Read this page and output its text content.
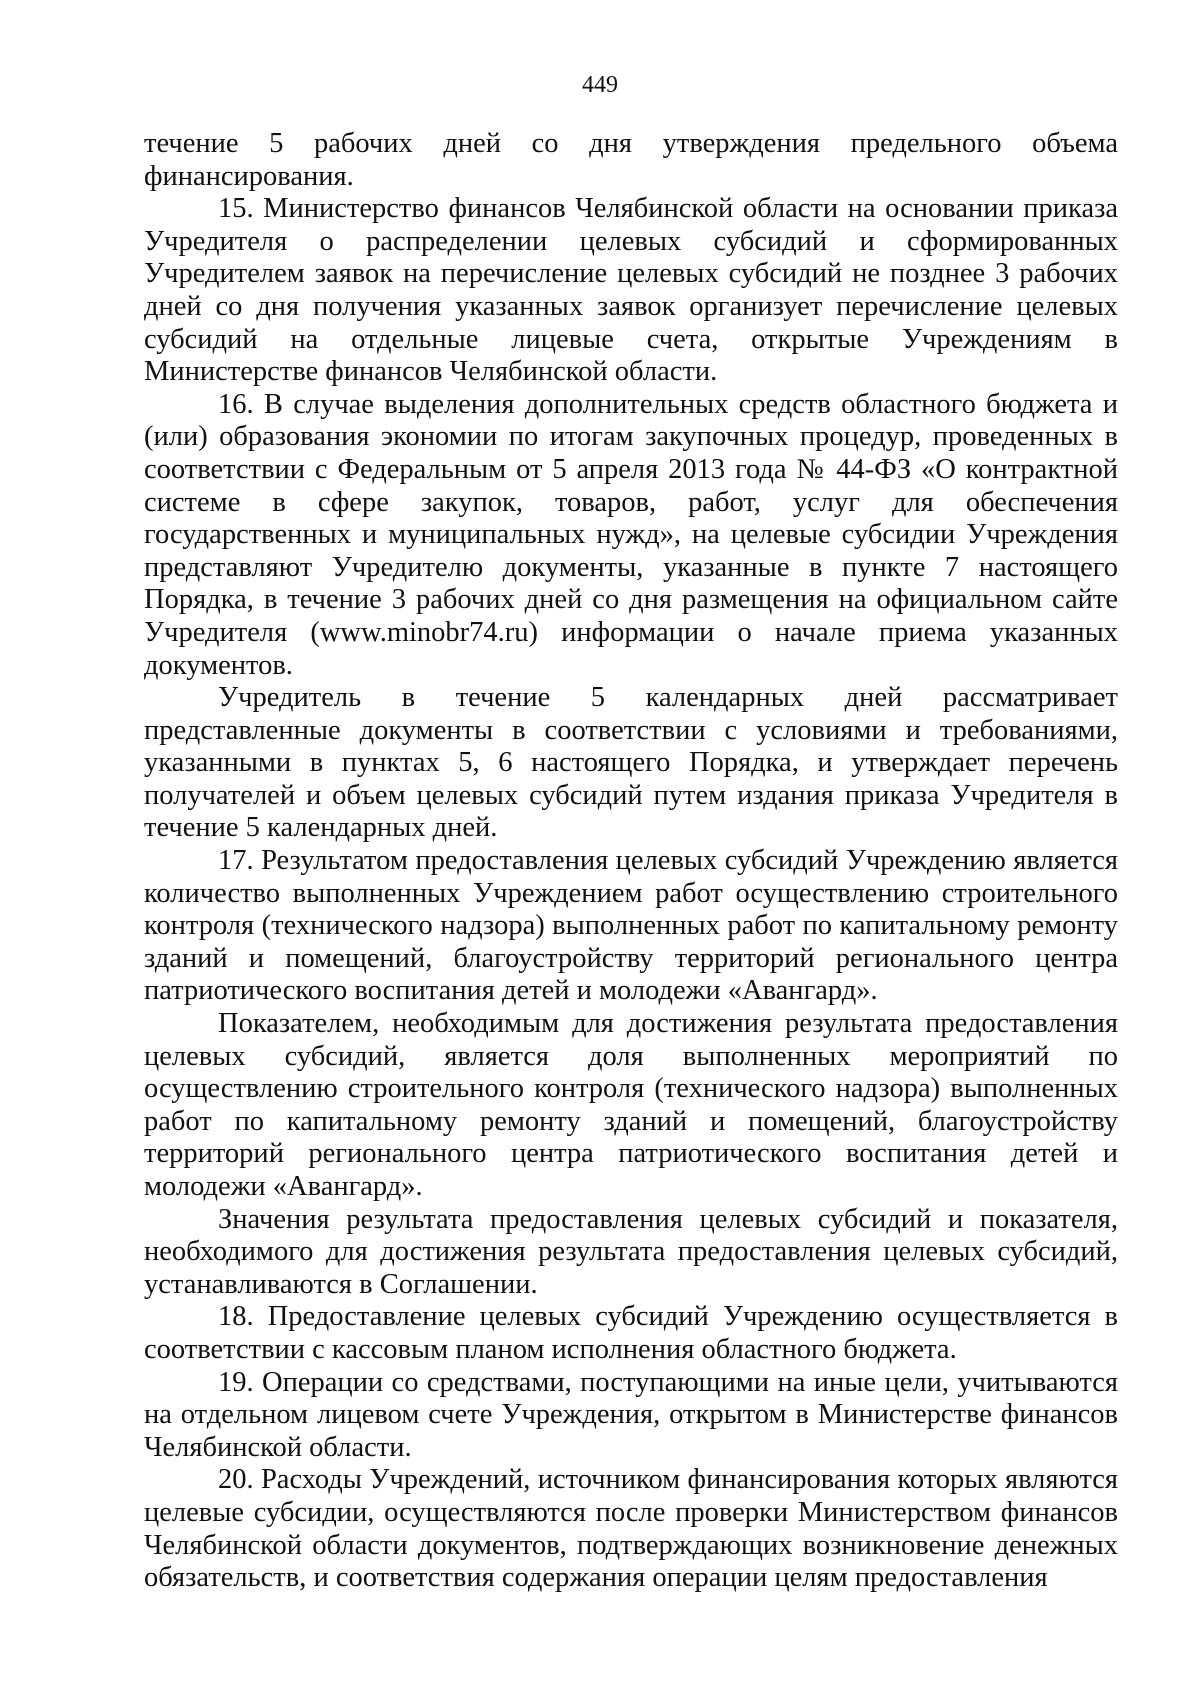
449

течение 5 рабочих дней со дня утверждения предельного объема финансирования.

15. Министерство финансов Челябинской области на основании приказа Учредителя о распределении целевых субсидий и сформированных Учредителем заявок на перечисление целевых субсидий не позднее 3 рабочих дней со дня получения указанных заявок организует перечисление целевых субсидий на отдельные лицевые счета, открытые Учреждениям в Министерстве финансов Челябинской области.

16. В случае выделения дополнительных средств областного бюджета и (или) образования экономии по итогам закупочных процедур, проведенных в соответствии с Федеральным от 5 апреля 2013 года № 44-ФЗ «О контрактной системе в сфере закупок, товаров, работ, услуг для обеспечения государственных и муниципальных нужд», на целевые субсидии Учреждения представляют Учредителю документы, указанные в пункте 7 настоящего Порядка, в течение 3 рабочих дней со дня размещения на официальном сайте Учредителя (www.minobr74.ru) информации о начале приема указанных документов.

Учредитель в течение 5 календарных дней рассматривает представленные документы в соответствии с условиями и требованиями, указанными в пунктах 5, 6 настоящего Порядка, и утверждает перечень получателей и объем целевых субсидий путем издания приказа Учредителя в течение 5 календарных дней.

17. Результатом предоставления целевых субсидий Учреждению является количество выполненных Учреждением работ осуществлению строительного контроля (технического надзора) выполненных работ по капитальному ремонту зданий и помещений, благоустройству территорий регионального центра патриотического воспитания детей и молодежи «Авангард».

Показателем, необходимым для достижения результата предоставления целевых субсидий, является доля выполненных мероприятий по осуществлению строительного контроля (технического надзора) выполненных работ по капитальному ремонту зданий и помещений, благоустройству территорий регионального центра патриотического воспитания детей и молодежи «Авангард».

Значения результата предоставления целевых субсидий и показателя, необходимого для достижения результата предоставления целевых субсидий, устанавливаются в Соглашении.

18. Предоставление целевых субсидий Учреждению осуществляется в соответствии с кассовым планом исполнения областного бюджета.

19. Операции со средствами, поступающими на иные цели, учитываются на отдельном лицевом счете Учреждения, открытом в Министерстве финансов Челябинской области.

20. Расходы Учреждений, источником финансирования которых являются целевые субсидии, осуществляются после проверки Министерством финансов Челябинской области документов, подтверждающих возникновение денежных обязательств, и соответствия содержания операции целям предоставления
